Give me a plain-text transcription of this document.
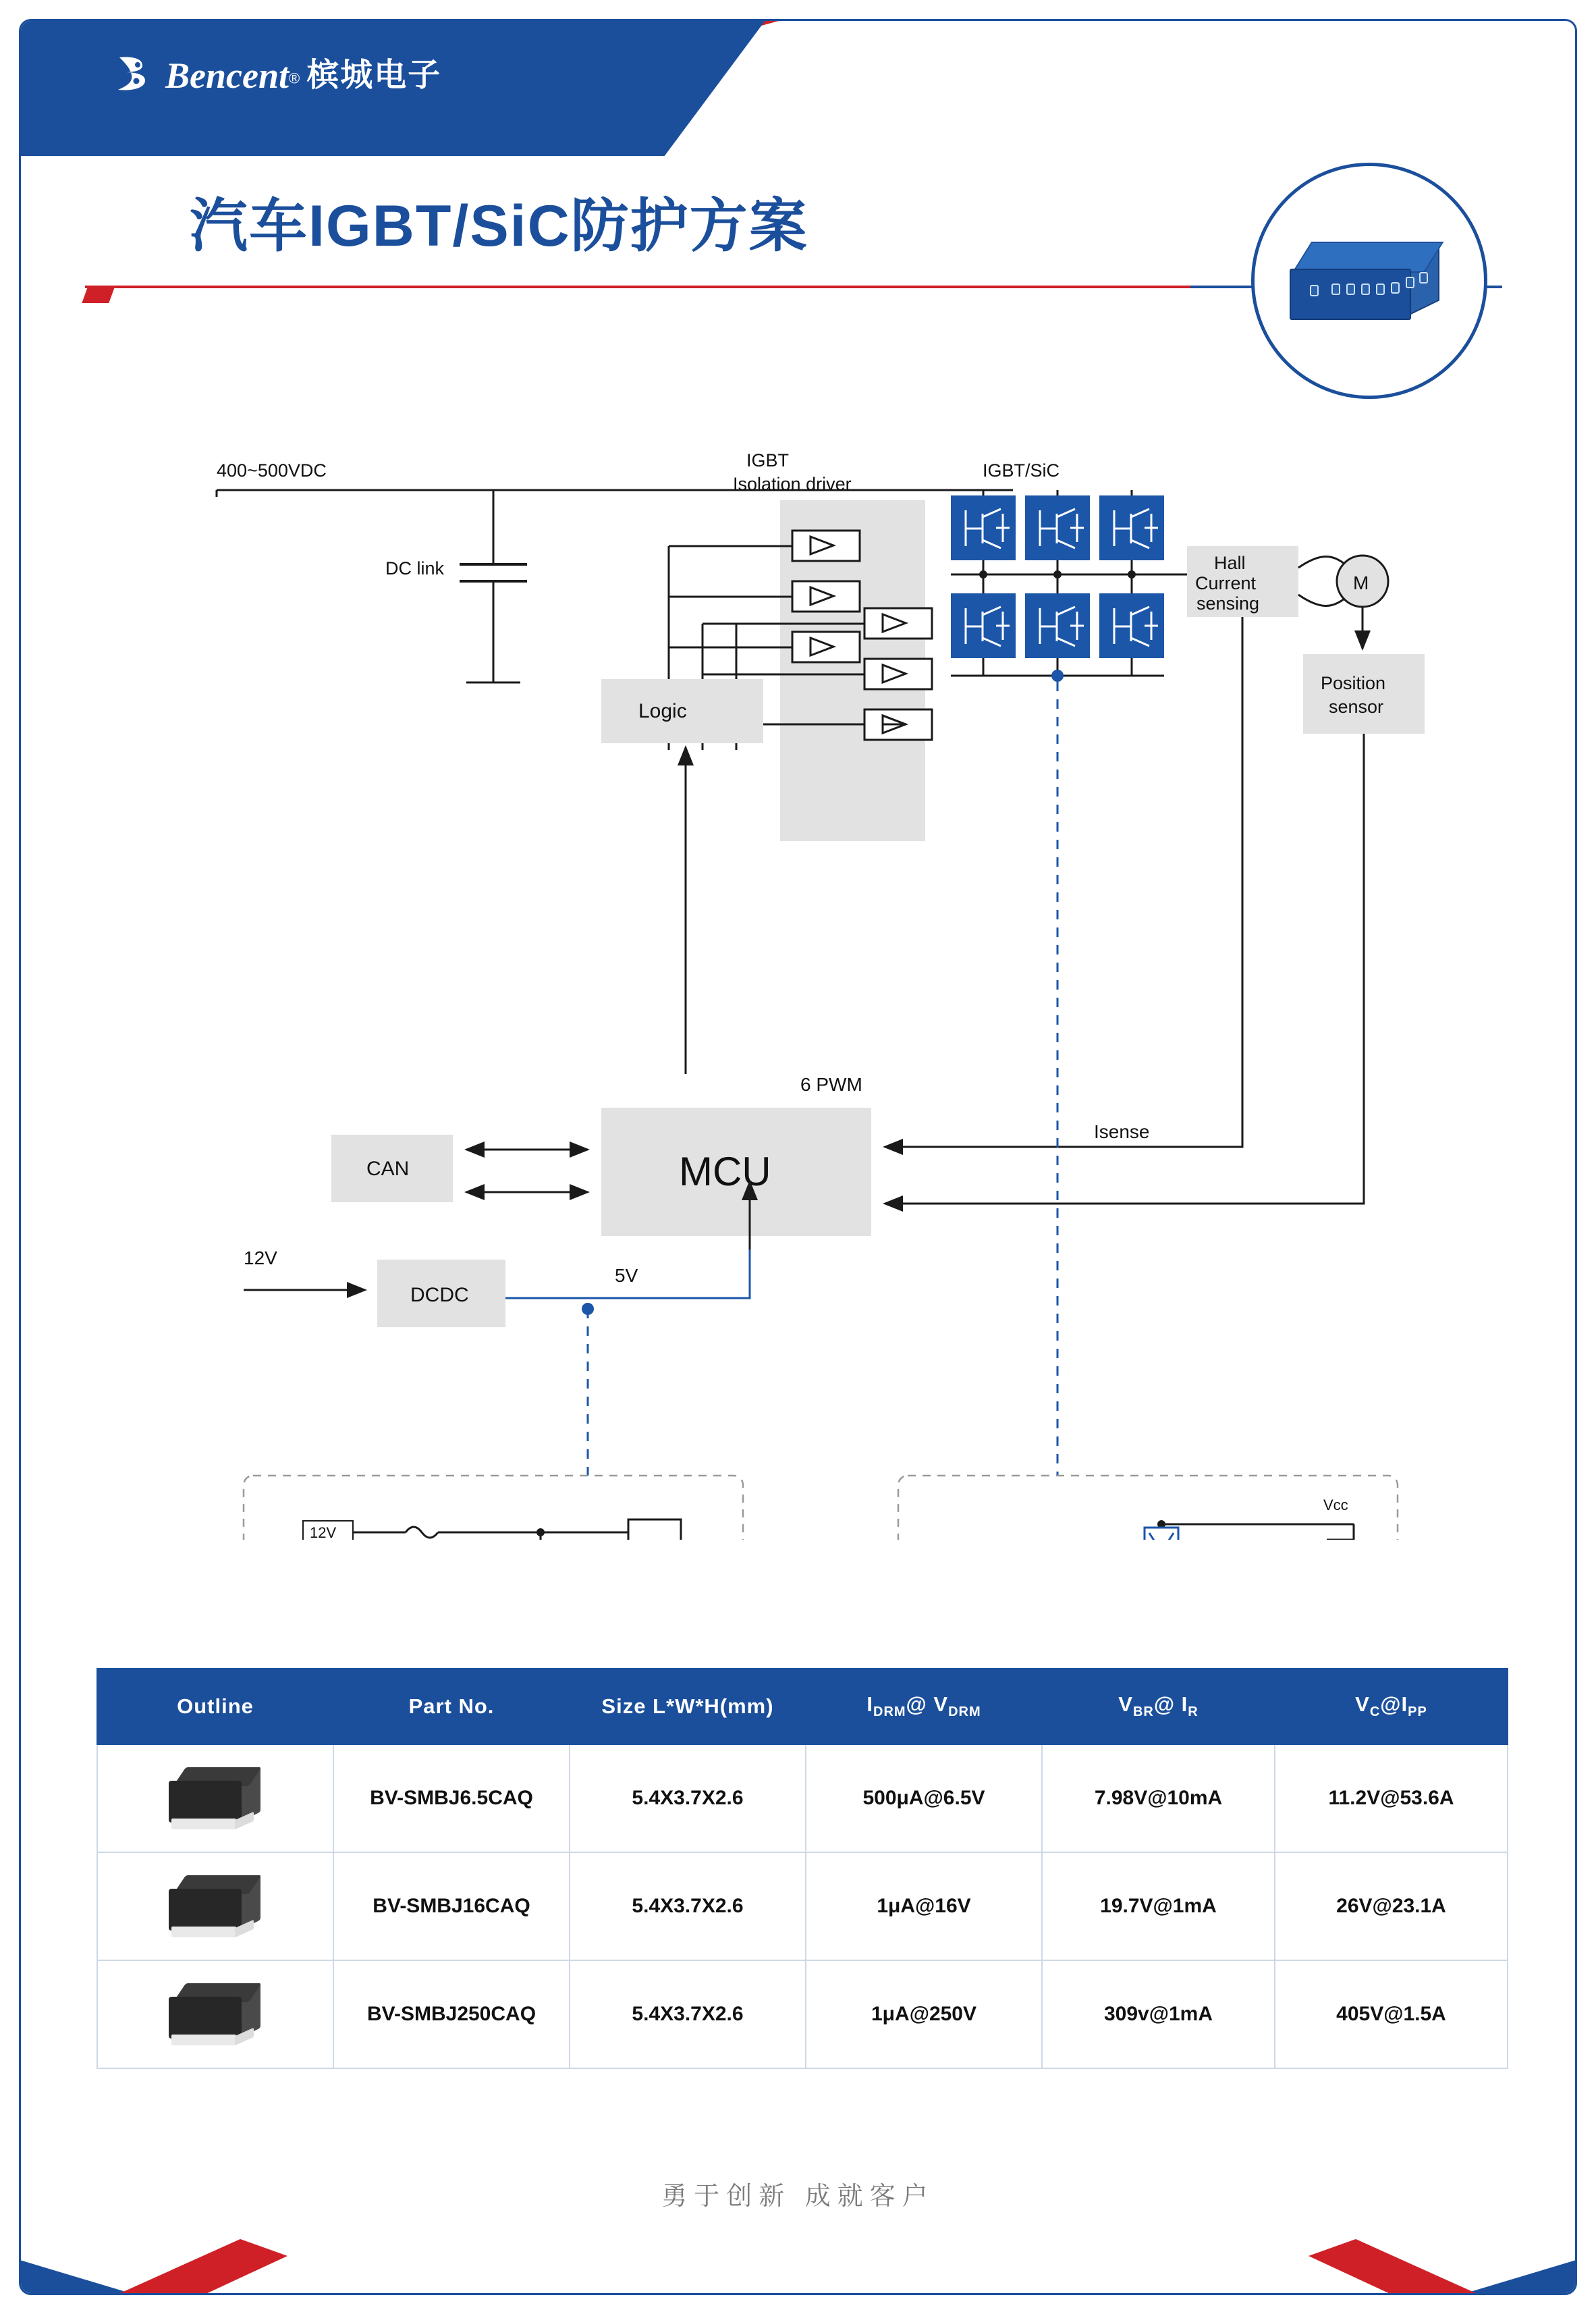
Bencent® 槟城电子
汽车IGBT/SiC防护方案
400~500VDC
DC link
IGBT
Isolation driver
IGBT/SiC
Hall
Current
sensing
M
Position
sensor
Logic
MCU
6 PWM
CAN
Isense
12V
DCDC
5V
12V
Vcc
Outline	Part No.	Size L*W*H(mm)	$I_{DRM}@$ $V_{DRM}$	$V_{BR}@$ $I_R$	$V_C@I_{PP}$

	BV-SMBJ6.5CAQ	5.4X3.7X2.6	500μA@6.5V	7.98V@10mA	11.2V@53.6A

	BV-SMBJ16CAQ	5.4X3.7X2.6	1μA@16V	19.7V@1mA	26V@23.1A

	BV-SMBJ250CAQ	5.4X3.7X2.6	1μA@250V	309v@1mA	405V@1.5A
勇于创新 成就客户
